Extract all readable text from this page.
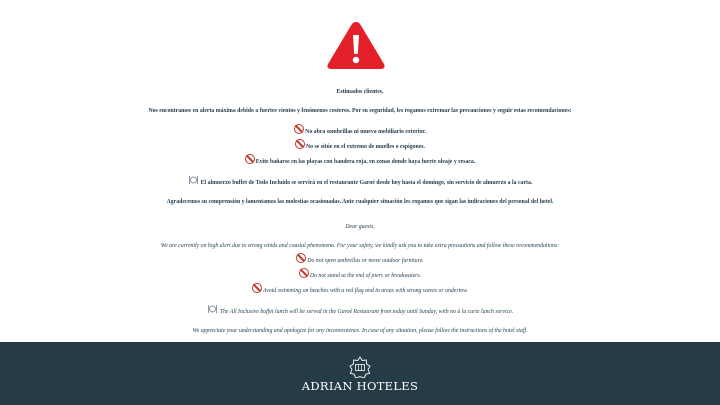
Estimados clientes,
Nos encontramos en alerta máxima debido a fuertes vientos y fenómenos costeros. Por su seguridad, les rogamos extremar las precauciones y seguir estas recomendaciones:
No abra sombrillas ni mueva mobiliario exterior.
No se sitúe en el extremo de muelles o espigones.
Evite bañarse en las playas con bandera roja, en zonas donde haya fuerte oleaje y resaca.
El almuerzo buffet de Todo Incluido se servirá en el restaurante Garoé desde hoy hasta el domingo, sin servicio de almuerzo a la carta.
Agradecemos su comprensión y lamentamos las molestias ocasionadas. Ante cualquier situación les rogamos que sigan las indicaciones del personal del hotel.
Dear guests,
We are currently on high alert due to strong winds and coastal phenomena. For your safety, we kindly ask you to take extra precautions and follow these recommendations:
Do not open umbrellas or move outdoor furniture.
Do not stand at the end of piers or breakwaters.
Avoid swimming on beaches with a red flag and in areas with strong waves or undertow.
The All Inclusive buffet lunch will be served in the Garoé Restaurant from today until Sunday, with no à la carte lunch service.
We appreciate your understanding and apologize for any inconvenience. In case of any situation, please follow the instructions of the hotel staff.
ADRIAN HOTELES
